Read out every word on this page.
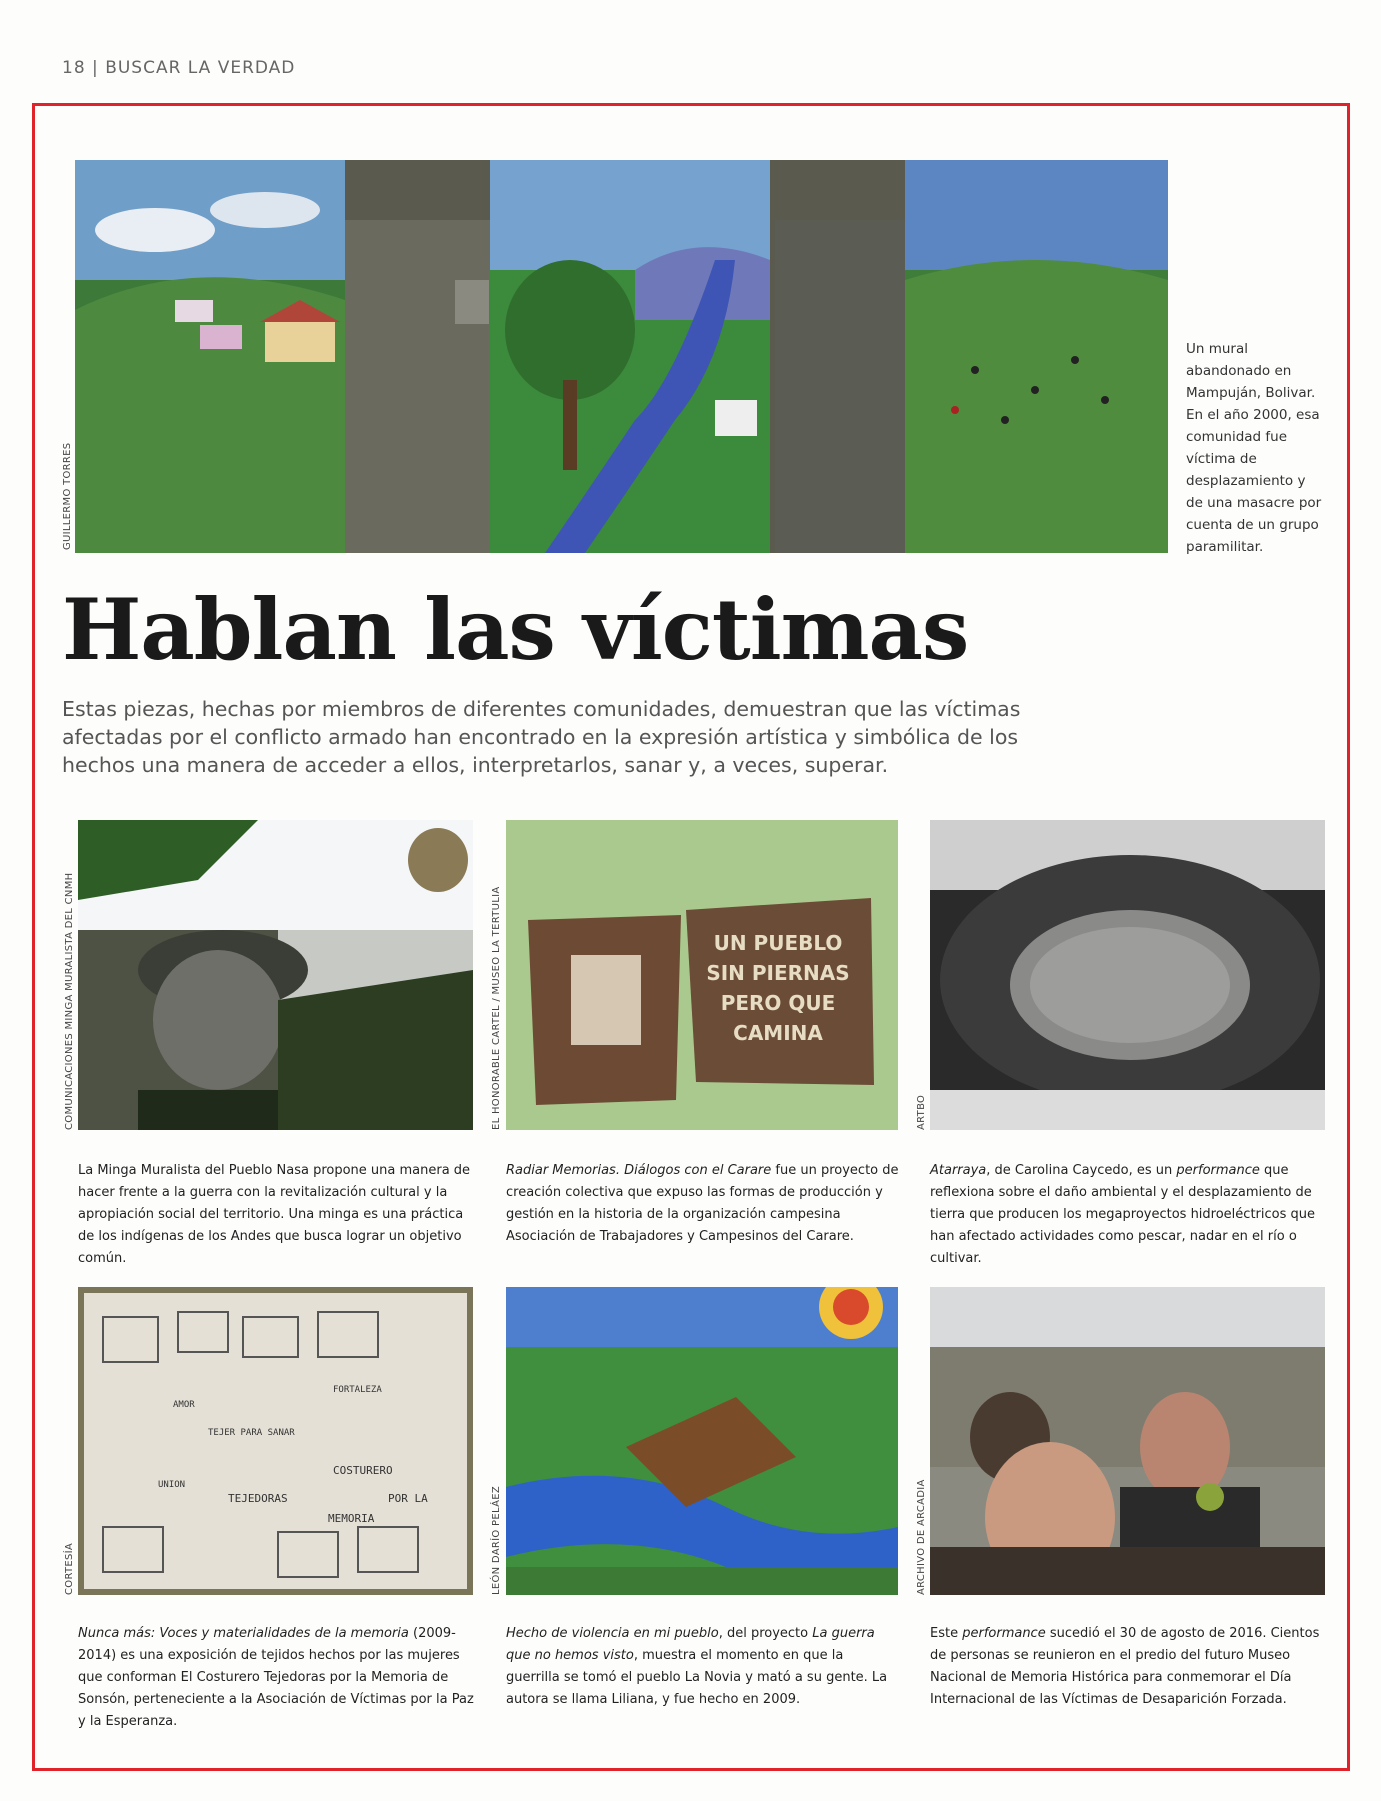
18 | BUSCAR LA VERDAD
GUILLERMO TORRES
Un mural abandonado en Mampuján, Bolivar. En el año 2000, esa comunidad fue víctima de desplazamiento y de una masacre por cuenta de un grupo paramilitar.
Hablan las víctimas

Estas piezas, hechas por miembros de diferentes comunidades, demuestran que las víctimas afectadas por el conflicto armado han encontrado en la expresión artística y simbólica de los hechos una manera de acceder a ellos, interpretarlos, sanar y, a veces, superar.

COMUNICACIONES MINGA MURALISTA DEL CNMH	UN PUEBLO
SIN PIERNAS
PERO QUE
CAMINA
EL HONORABLE CARTEL / MUSEO LA TERTULIA	ARTBO

La Minga Muralista del Pueblo Nasa propone una manera de hacer frente a la guerra con la revitalización cultural y la apropiación social del territorio. Una minga es una práctica de los indígenas de los Andes que busca lograr un objetivo común.

Radiar Memorias. Diálogos con el Carare fue un proyecto de creación colectiva que expuso las formas de producción y gestión en la historia de la organización campesina Asociación de Trabajadores y Campesinos del Carare.

Atarraya, de Carolina Caycedo, es un performance que reflexiona sobre el daño ambiental y el desplazamiento de tierra que producen los megaproyectos hidroeléctricos que han afectado actividades como pescar, nadar en el río o cultivar.

AMOR
FORTALEZA
TEJER PARA SANAR
COSTURERO
TEJEDORAS	POR LA
MEMORIA
UNION
CORTESÍA	LEÓN DARÍO PELÁEZ	ARCHIVO DE ARCADIA

Nunca más: Voces y materialidades de la memoria (2009-2014) es una exposición de tejidos hechos por las mujeres que conforman El Costurero Tejedoras por la Memoria de Sonsón, perteneciente a la Asociación de Víctimas por la Paz y la Esperanza.

Hecho de violencia en mi pueblo, del proyecto La guerra que no hemos visto, muestra el momento en que la guerrilla se tomó el pueblo La Novia y mató a su gente. La autora se llama Liliana, y fue hecho en 2009.

Este performance sucedió el 30 de agosto de 2016. Cientos de personas se reunieron en el predio del futuro Museo Nacional de Memoria Histórica para conmemorar el Día Internacional de las Víctimas de Desaparición Forzada.
